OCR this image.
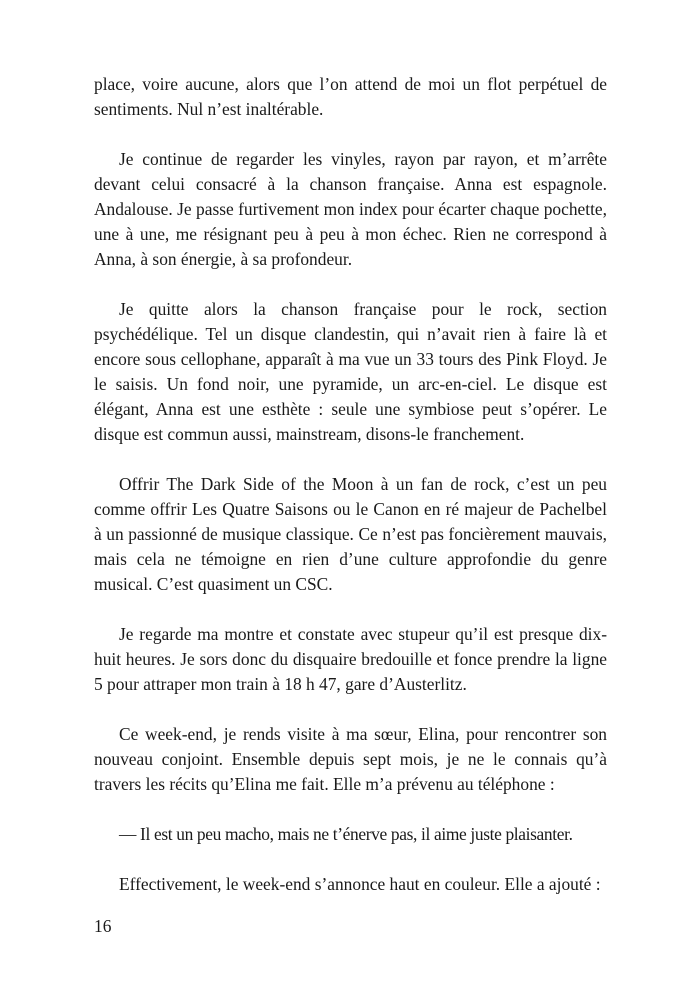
place, voire aucune, alors que l’on attend de moi un flot perpétuel de sentiments. Nul n’est inaltérable.

Je continue de regarder les vinyles, rayon par rayon, et m’arrête devant celui consacré à la chanson française. Anna est espagnole. Andalouse. Je passe furtivement mon index pour écarter chaque pochette, une à une, me résignant peu à peu à mon échec. Rien ne correspond à Anna, à son énergie, à sa profondeur.

Je quitte alors la chanson française pour le rock, section psychédélique. Tel un disque clandestin, qui n’avait rien à faire là et encore sous cellophane, apparaît à ma vue un 33 tours des Pink Floyd. Je le saisis. Un fond noir, une pyramide, un arc-en-ciel. Le disque est élégant, Anna est une esthète : seule une symbiose peut s’opérer. Le disque est commun aussi, mainstream, disons-le franchement.

Offrir The Dark Side of the Moon à un fan de rock, c’est un peu comme offrir Les Quatre Saisons ou le Canon en ré majeur de Pachelbel à un passionné de musique classique. Ce n’est pas foncièrement mauvais, mais cela ne témoigne en rien d’une culture approfondie du genre musical. C’est quasiment un CSC.

Je regarde ma montre et constate avec stupeur qu’il est presque dix-huit heures. Je sors donc du disquaire bredouille et fonce prendre la ligne 5 pour attraper mon train à 18 h 47, gare d’Austerlitz.

Ce week-end, je rends visite à ma sœur, Elina, pour rencontrer son nouveau conjoint. Ensemble depuis sept mois, je ne le connais qu’à travers les récits qu’Elina me fait. Elle m’a prévenu au téléphone :

— Il est un peu macho, mais ne t’énerve pas, il aime juste plaisanter.

Effectivement, le week-end s’annonce haut en couleur. Elle a ajouté :

16
